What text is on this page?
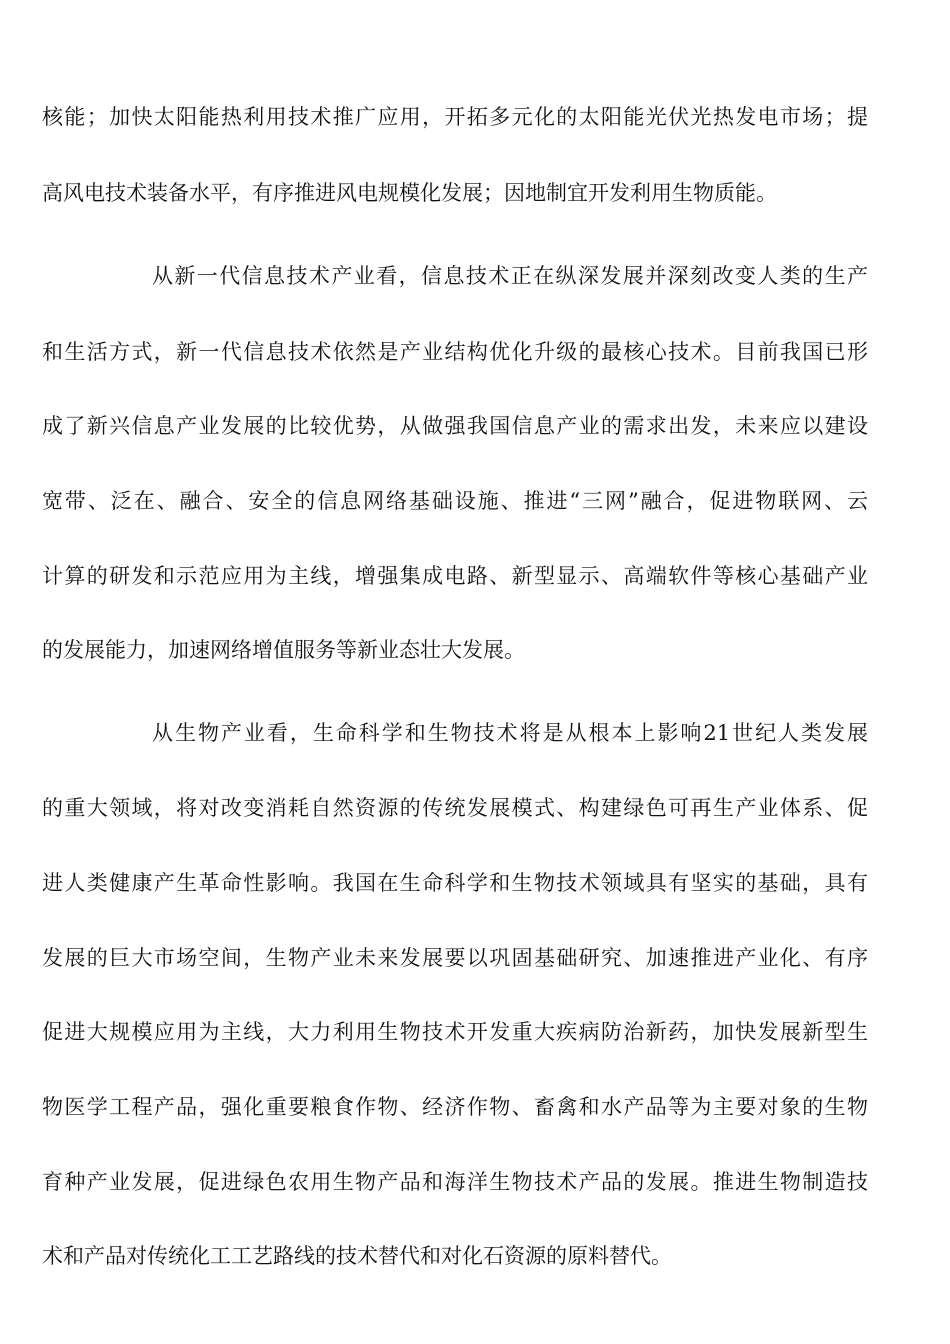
核能；加快太阳能热利用技术推广应用，开拓多元化的太阳能光伏光热发电市场；提
高风电技术装备水平，有序推进风电规模化发展；因地制宜开发利用生物质能。
从新一代信息技术产业看，信息技术正在纵深发展并深刻改变人类的生产
和生活方式，新一代信息技术依然是产业结构优化升级的最核心技术。目前我国已形
成了新兴信息产业发展的比较优势，从做强我国信息产业的需求出发，未来应以建设
宽带、泛在、融合、安全的信息网络基础设施、推进“三网”融合，促进物联网、云
计算的研发和示范应用为主线，增强集成电路、新型显示、高端软件等核心基础产业
的发展能力，加速网络增值服务等新业态壮大发展。
从生物产业看，生命科学和生物技术将是从根本上影响21世纪人类发展
的重大领域，将对改变消耗自然资源的传统发展模式、构建绿色可再生产业体系、促
进人类健康产生革命性影响。我国在生命科学和生物技术领域具有坚实的基础，具有
发展的巨大市场空间，生物产业未来发展要以巩固基础研究、加速推进产业化、有序
促进大规模应用为主线，大力利用生物技术开发重大疾病防治新药，加快发展新型生
物医学工程产品，强化重要粮食作物、经济作物、畜禽和水产品等为主要对象的生物
育种产业发展，促进绿色农用生物产品和海洋生物技术产品的发展。推进生物制造技
术和产品对传统化工工艺路线的技术替代和对化石资源的原料替代。
